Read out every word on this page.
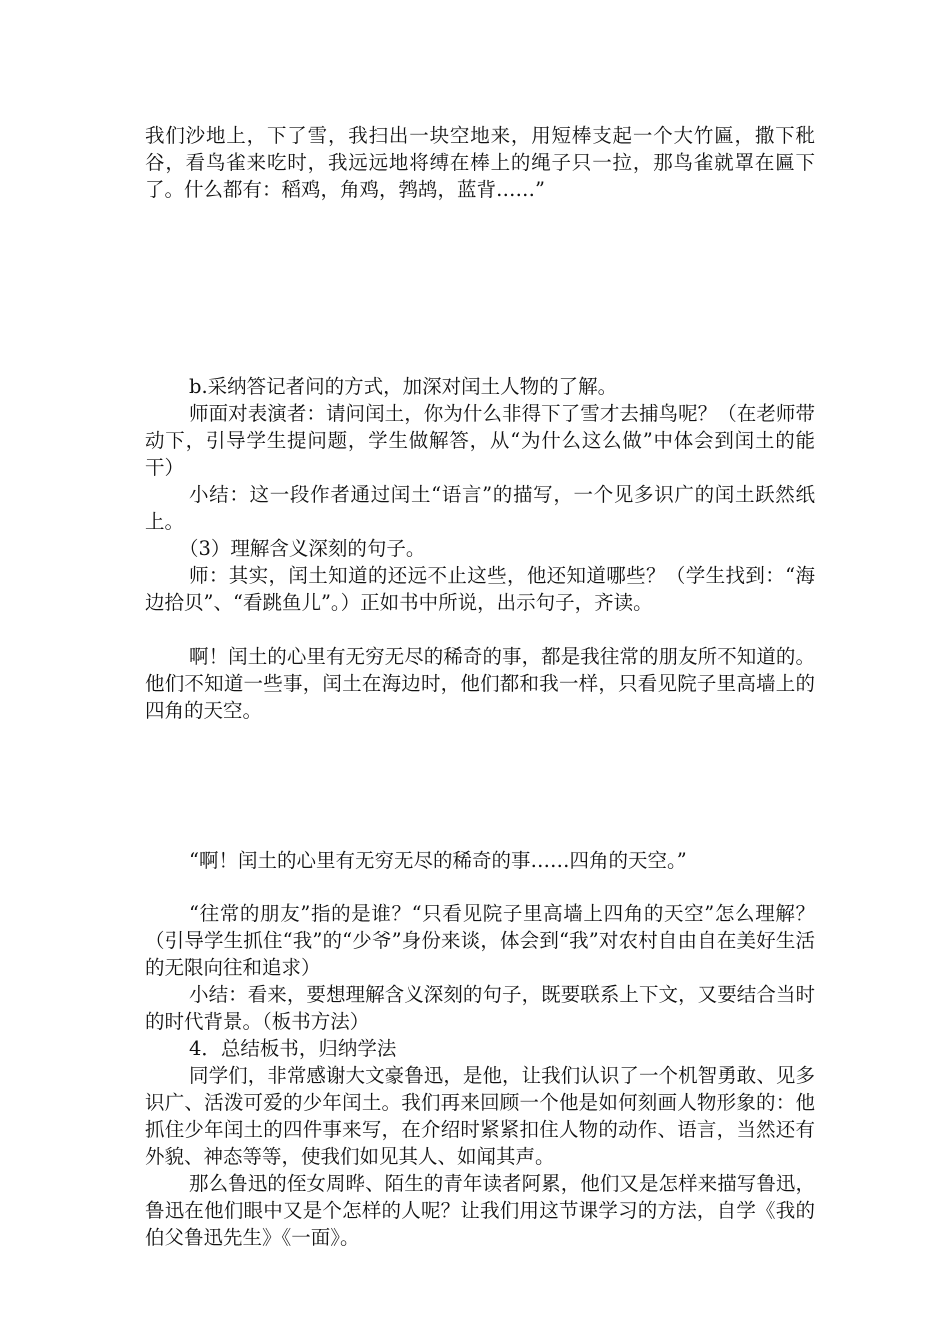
我们沙地上，下了雪，我扫出一块空地来，用短棒支起一个大竹匾，撒下秕谷，看鸟雀来吃时，我远远地将缚在棒上的绳子只一拉，那鸟雀就罩在匾下了。什么都有：稻鸡，角鸡，鹁鸪，蓝背……”

b.采纳答记者问的方式，加深对闰土人物的了解。

师面对表演者：请问闰土，你为什么非得下了雪才去捕鸟呢？（在老师带动下，引导学生提问题，学生做解答，从“为什么这么做”中体会到闰土的能干）

小结：这一段作者通过闰土“语言”的描写，一个见多识广的闰土跃然纸上。

（3）理解含义深刻的句子。

师：其实，闰土知道的还远不止这些，他还知道哪些？（学生找到：“海边拾贝”、“看跳鱼儿”。）正如书中所说，出示句子，齐读。

啊！闰土的心里有无穷无尽的稀奇的事，都是我往常的朋友所不知道的。他们不知道一些事，闰土在海边时，他们都和我一样，只看见院子里高墙上的四角的天空。

“啊！闰土的心里有无穷无尽的稀奇的事……四角的天空。”

“往常的朋友”指的是谁？“只看见院子里高墙上四角的天空”怎么理解？（引导学生抓住“我”的“少爷”身份来谈，体会到“我”对农村自由自在美好生活的无限向往和追求）

小结：看来，要想理解含义深刻的句子，既要联系上下文，又要结合当时的时代背景。（板书方法）

4．总结板书，归纳学法

同学们，非常感谢大文豪鲁迅，是他，让我们认识了一个机智勇敢、见多识广、活泼可爱的少年闰土。我们再来回顾一个他是如何刻画人物形象的：他抓住少年闰土的四件事来写，在介绍时紧紧扣住人物的动作、语言，当然还有外貌、神态等等，使我们如见其人、如闻其声。

那么鲁迅的侄女周晔、陌生的青年读者阿累，他们又是怎样来描写鲁迅，鲁迅在他们眼中又是个怎样的人呢？让我们用这节课学习的方法，自学《我的伯父鲁迅先生》《一面》。
